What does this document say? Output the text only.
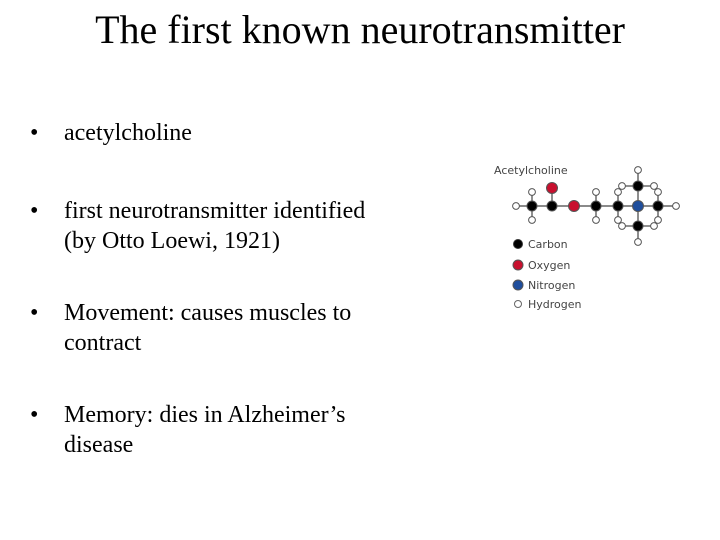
The first known neurotransmitter
• acetylcholine
• first neurotransmitter identified
(by Otto Loewi, 1921)
• Movement: causes muscles to
contract
• Memory: dies in Alzheimer’s
disease
Acetylcholine
Carbon
Oxygen
Nitrogen
Hydrogen
